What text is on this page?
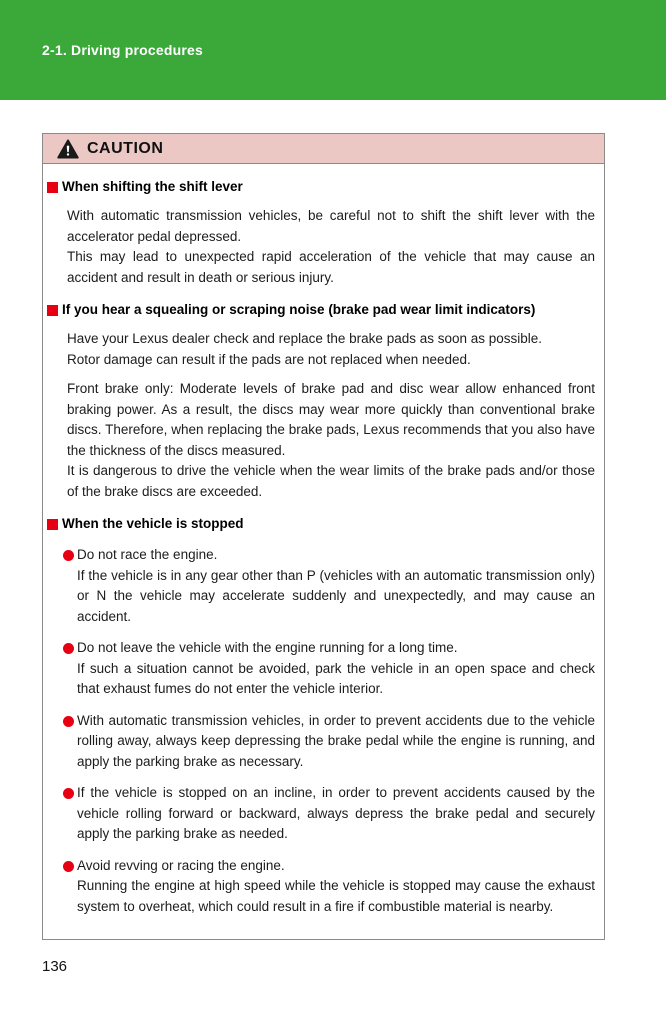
2-1. Driving procedures
CAUTION
When shifting the shift lever
With automatic transmission vehicles, be careful not to shift the shift lever with the accelerator pedal depressed.
This may lead to unexpected rapid acceleration of the vehicle that may cause an accident and result in death or serious injury.
If you hear a squealing or scraping noise (brake pad wear limit indicators)
Have your Lexus dealer check and replace the brake pads as soon as possible.
Rotor damage can result if the pads are not replaced when needed.
Front brake only: Moderate levels of brake pad and disc wear allow enhanced front braking power. As a result, the discs may wear more quickly than conventional brake discs. Therefore, when replacing the brake pads, Lexus recommends that you also have the thickness of the discs measured.
It is dangerous to drive the vehicle when the wear limits of the brake pads and/or those of the brake discs are exceeded.
When the vehicle is stopped
Do not race the engine.
If the vehicle is in any gear other than P (vehicles with an automatic transmission only) or N the vehicle may accelerate suddenly and unexpectedly, and may cause an accident.
Do not leave the vehicle with the engine running for a long time.
If such a situation cannot be avoided, park the vehicle in an open space and check that exhaust fumes do not enter the vehicle interior.
With automatic transmission vehicles, in order to prevent accidents due to the vehicle rolling away, always keep depressing the brake pedal while the engine is running, and apply the parking brake as necessary.
If the vehicle is stopped on an incline, in order to prevent accidents caused by the vehicle rolling forward or backward, always depress the brake pedal and securely apply the parking brake as needed.
Avoid revving or racing the engine.
Running the engine at high speed while the vehicle is stopped may cause the exhaust system to overheat, which could result in a fire if combustible material is nearby.
136
